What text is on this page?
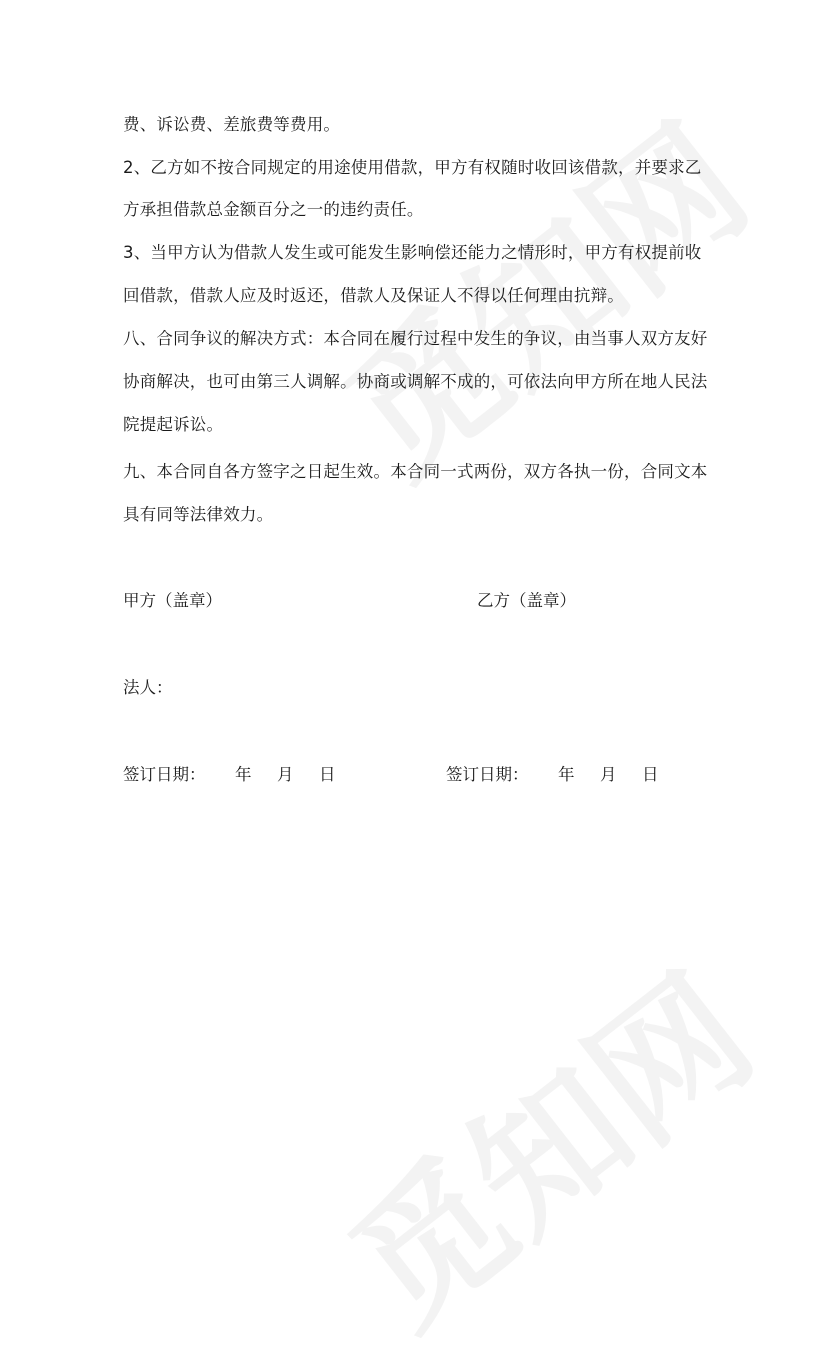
费、诉讼费、差旅费等费用。
2、乙方如不按合同规定的用途使用借款，甲方有权随时收回该借款，并要求乙
方承担借款总金额百分之一的违约责任。
3、当甲方认为借款人发生或可能发生影响偿还能力之情形时，甲方有权提前收
回借款，借款人应及时返还，借款人及保证人不得以任何理由抗辩。
八、合同争议的解决方式：本合同在履行过程中发生的争议，由当事人双方友好
协商解决，也可由第三人调解。协商或调解不成的，可依法向甲方所在地人民法
院提起诉讼。
九、本合同自各方签字之日起生效。本合同一式两份，双方各执一份，合同文本
具有同等法律效力。
甲方（盖章）	乙方（盖章）
法人：
签订日期： 年 月 日	签订日期： 年 月 日
